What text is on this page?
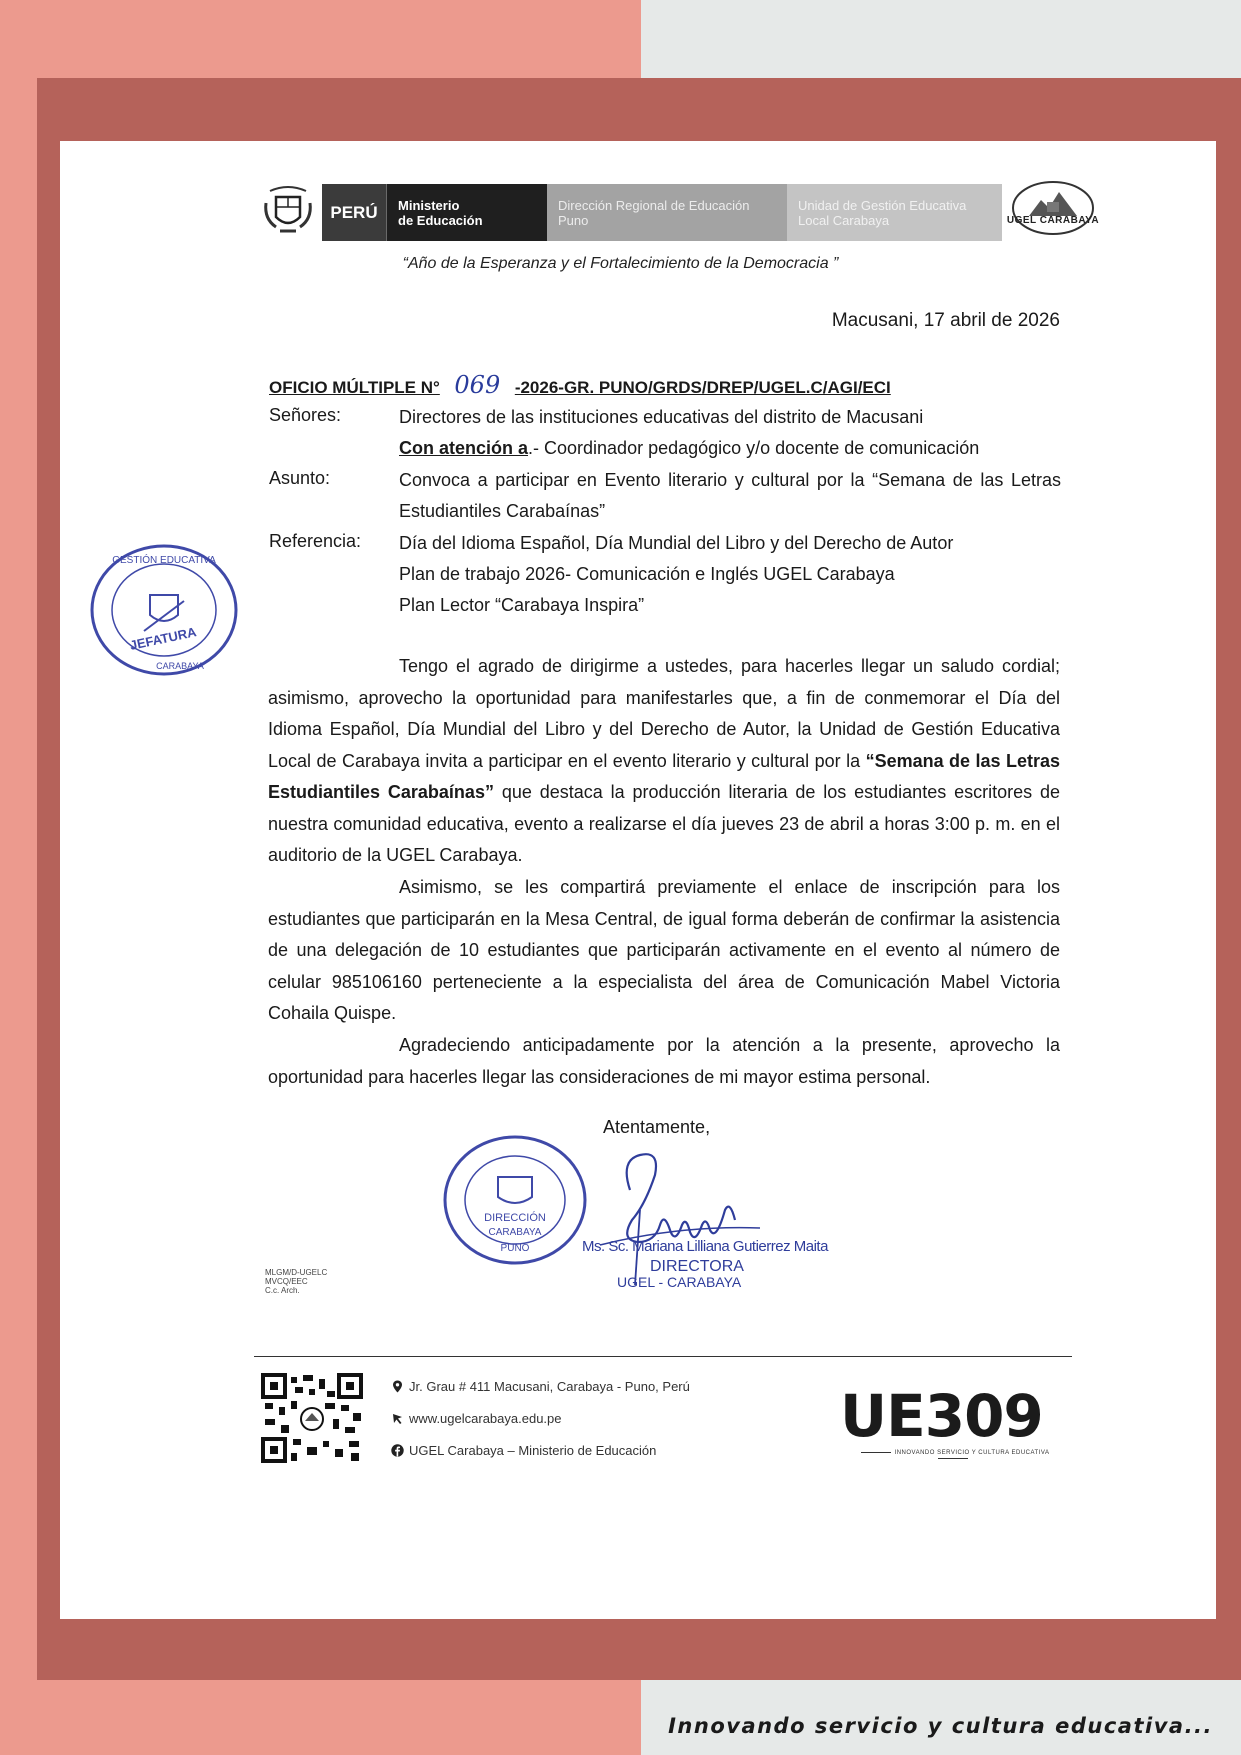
PERÚ	Ministerio
de Educación
Dirección Regional de Educación
Puno
Unidad de Gestión Educativa
Local Carabaya	UGEL CARABAYA
“Año de la Esperanza y el Fortalecimiento de la Democracia ”
Macusani, 17 abril de 2026
OFICIO MÚLTIPLE N° 069 -2026-GR. PUNO/GRDS/DREP/UGEL.C/AGI/ECI
Señores:	Directores de las instituciones educativas del distrito de Macusani
Con atención a.- Coordinador pedagógico y/o docente de comunicación
Asunto:	Convoca a participar en Evento literario y cultural por la “Semana de las Letras Estudiantiles Carabaínas”
Referencia: Día del Idioma Español, Día Mundial del Libro y del Derecho de Autor
Plan de trabajo 2026- Comunicación e Inglés UGEL Carabaya
Plan Lector “Carabaya Inspira”
JEFATURA
GESTIÓN EDUCATIVA
CARABAYA	Tengo el agrado de dirigirme a ustedes, para hacerles llegar un saludo cordial; asimismo, aprovecho la oportunidad para manifestarles que, a fin de conmemorar el Día del Idioma Español, Día Mundial del Libro y del Derecho de Autor, la Unidad de Gestión Educativa Local de Carabaya invita a participar en el evento literario y cultural por la “Semana de las Letras Estudiantiles Carabaínas” que destaca la producción literaria de los estudiantes escritores de nuestra comunidad educativa, evento a realizarse el día jueves 23 de abril a horas 3:00 p. m. en el auditorio de la UGEL Carabaya.
Asimismo, se les compartirá previamente el enlace de inscripción para los estudiantes que participarán en la Mesa Central, de igual forma deberán de confirmar la asistencia de una delegación de 10 estudiantes que participarán activamente en el evento al número de celular 985106160 perteneciente a la especialista del área de Comunicación Mabel Victoria Cohaila Quispe.
Agradeciendo anticipadamente por la atención a la presente, aprovecho la oportunidad para hacerles llegar las consideraciones de mi mayor estima personal.
Atentamente,
DIRECCIÓN
CARABAYA
PUNO	Ms. Sc. Mariana Lilliana Gutierrez Maita
DIRECTORA
UGEL - CARABAYA
MLGM/D-UGELC
MVCQ/EEC
C.c. Arch.
Jr. Grau # 411 Macusani, Carabaya - Puno, Perú
www.ugelcarabaya.edu.pe
UGEL Carabaya – Ministerio de Educación
UE309
INNOVANDO SERVICIO Y CULTURA EDUCATIVA
Innovando servicio y cultura educativa...
